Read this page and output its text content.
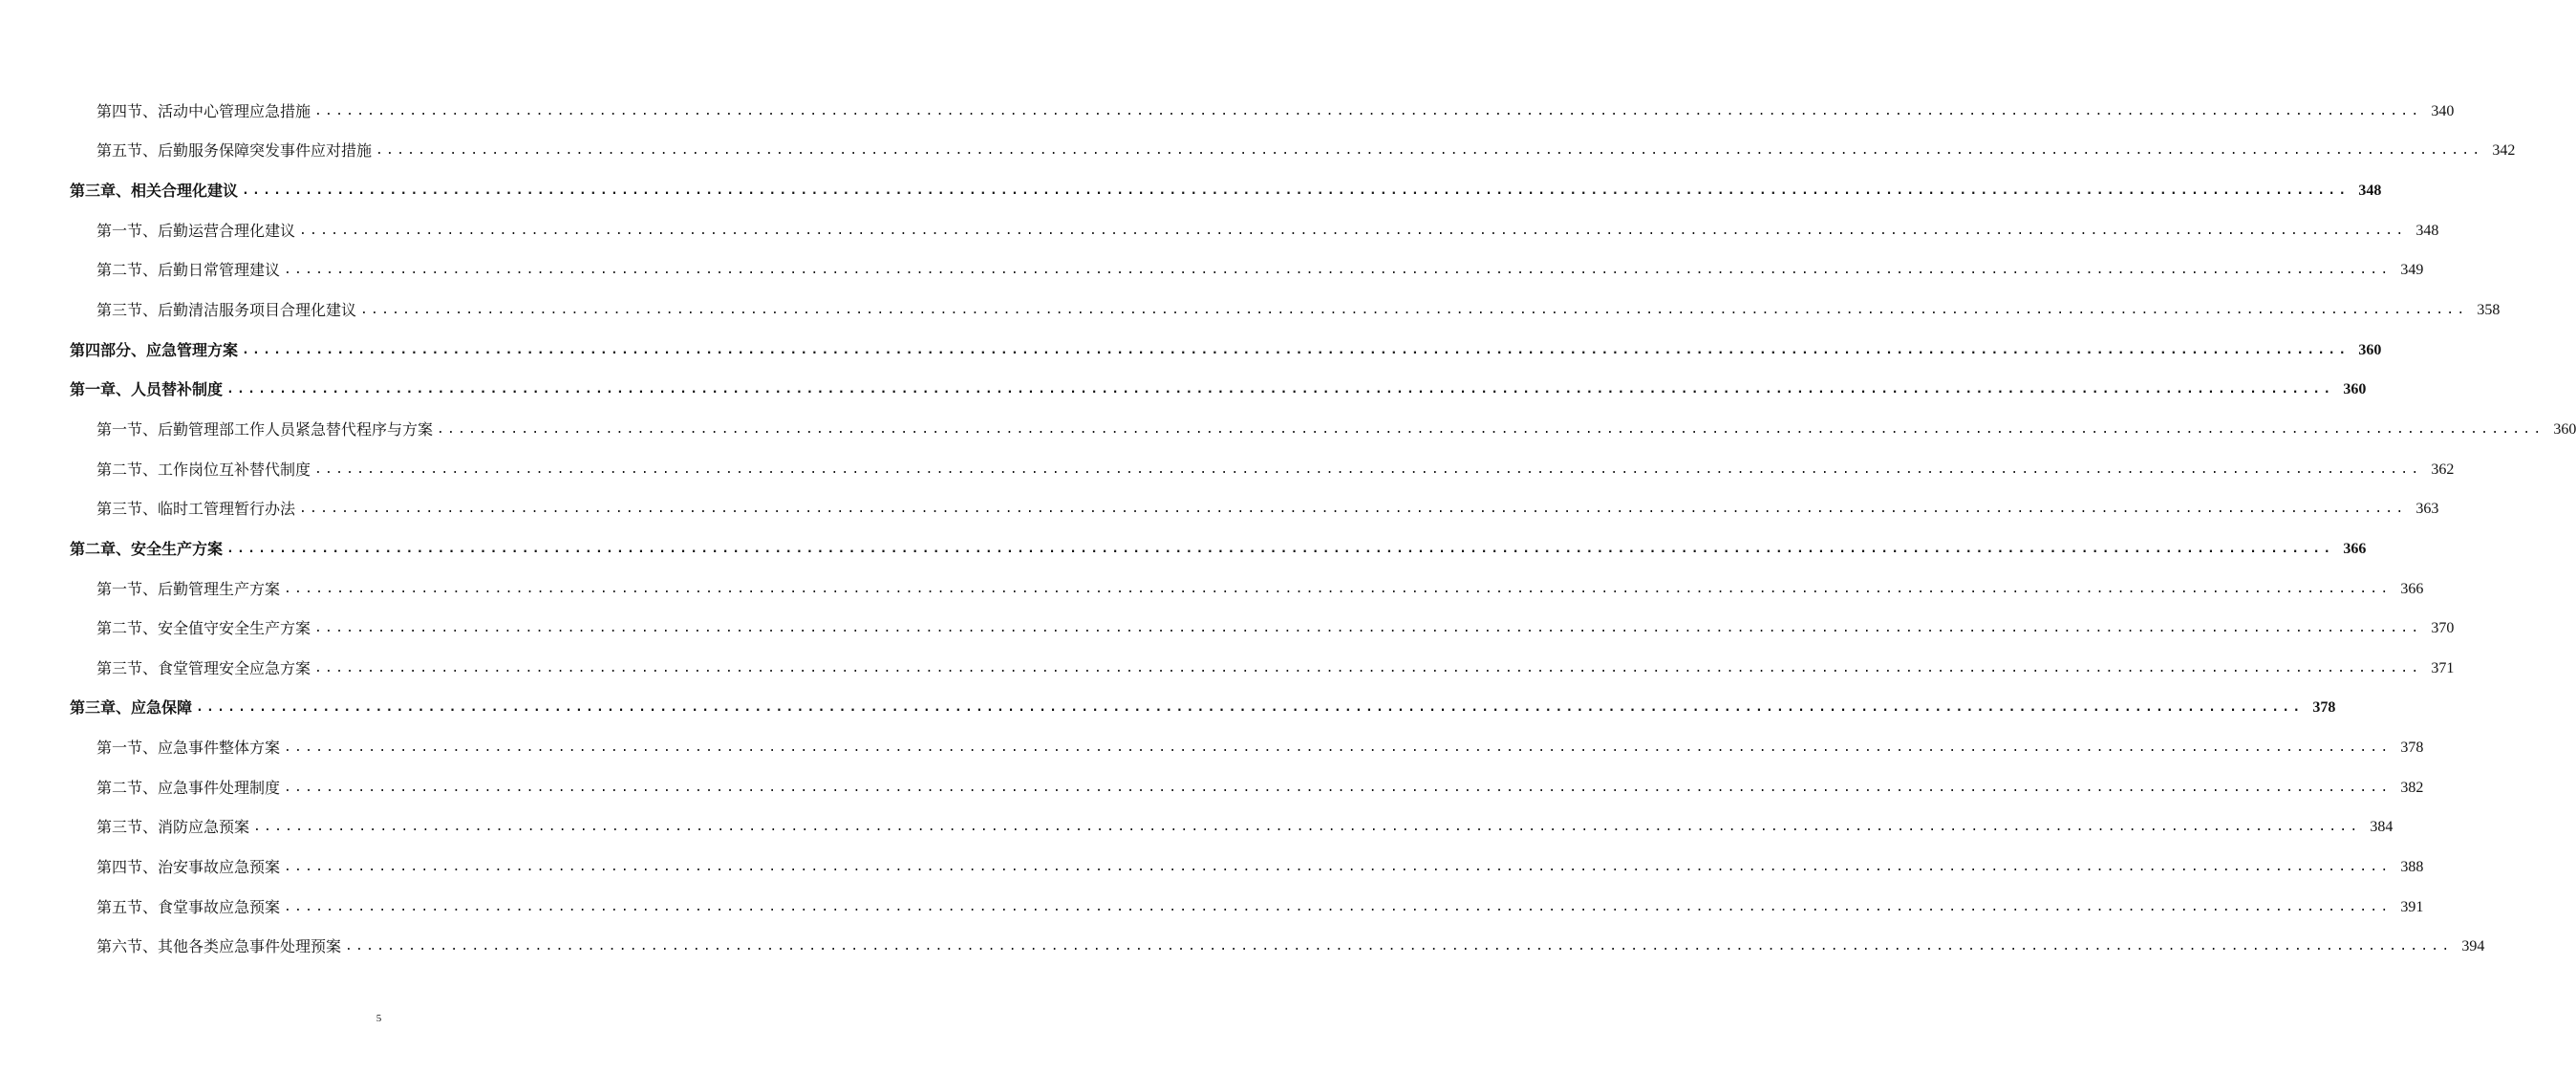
第四节、活动中心管理应急措施 ........................................................................................................................................................................................................ 340
第五节、后勤服务保障突发事件应对措施 ........................................................................................................................................................................................................ 342
第三章、相关合理化建议 ........................................................................................................................................................................................................ 348
第一节、后勤运营合理化建议 ........................................................................................................................................................................................................ 348
第二节、后勤日常管理建议 ........................................................................................................................................................................................................ 349
第三节、后勤清洁服务项目合理化建议 ........................................................................................................................................................................................................ 358
第四部分、应急管理方案 ........................................................................................................................................................................................................ 360
第一章、人员替补制度 ........................................................................................................................................................................................................ 360
第一节、后勤管理部工作人员紧急替代程序与方案 ........................................................................................................................................................................................................ 360
第二节、工作岗位互补替代制度 ........................................................................................................................................................................................................ 362
第三节、临时工管理暂行办法 ........................................................................................................................................................................................................ 363
第二章、安全生产方案 ........................................................................................................................................................................................................ 366
第一节、后勤管理生产方案 ........................................................................................................................................................................................................ 366
第二节、安全值守安全生产方案 ........................................................................................................................................................................................................ 370
第三节、食堂管理安全应急方案 ........................................................................................................................................................................................................ 371
第三章、应急保障 ........................................................................................................................................................................................................ 378
第一节、应急事件整体方案 ........................................................................................................................................................................................................ 378
第二节、应急事件处理制度 ........................................................................................................................................................................................................ 382
第三节、消防应急预案 ........................................................................................................................................................................................................ 384
第四节、治安事故应急预案 ........................................................................................................................................................................................................ 388
第五节、食堂事故应急预案 ........................................................................................................................................................................................................ 391
第六节、其他各类应急事件处理预案 ........................................................................................................................................................................................................ 394
5
